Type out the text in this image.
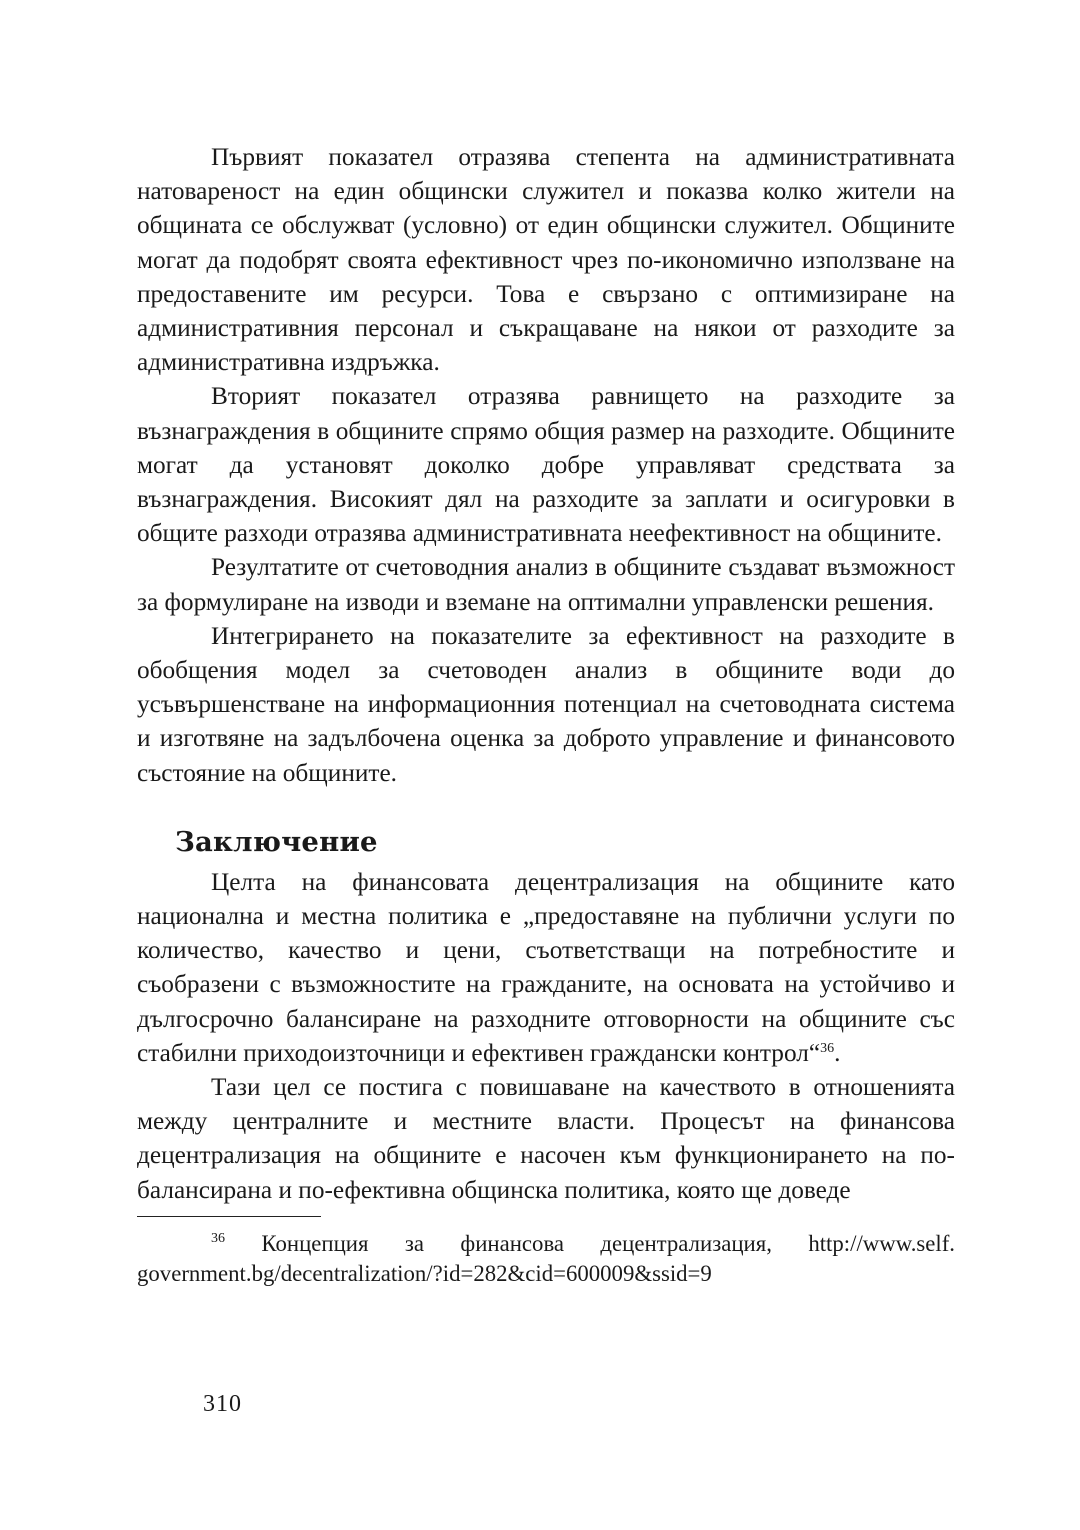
Първият показател отразява степента на административната натовареност на един общински служител и показва колко жители на общината се обслужват (условно) от един общински служител. Общините могат да подобрят своята ефективност чрез по-икономично използване на предоставените им ресурси. Това е свързано с оптимизиране на административния персонал и съкращаване на някои от разходите за административна издръжка.

Вторият показател отразява равнището на разходите за възнаграждения в общините спрямо общия размер на разходите. Общините могат да установят доколко добре управляват средствата за възнаграждения. Високият дял на разходите за заплати и осигуровки в общите разходи отразява административната неефективност на общините.

Резултатите от счетоводния анализ в общините създават възможност за формулиране на изводи и вземане на оптимални управленски решения.

Интегрирането на показателите за ефективност на разходите в обобщения модел за счетоводен анализ в общините води до усъвършенстване на информационния потенциал на счетоводната система и изготвяне на задълбочена оценка за доброто управление и финансовото състояние на общините.

Заключение

Целта на финансовата децентрализация на общините като национална и местна политика е „предоставяне на публични услуги по количество, качество и цени, съответстващи на потребностите и съобразени с възможностите на гражданите, на основата на устойчиво и дългосрочно балансиране на разходните отговорности на общините със стабилни приходоизточници и ефективен граждански контрол“$^{36}$.

Тази цел се постига с повишаване на качеството в отношенията между централните и местните власти. Процесът на финансова децентрализация на общините е насочен към функционирането на по-балансирана и по-ефективна общинска политика, която ще доведе

$^{36}$ Концепция за финансова децентрализация, http://www.self. government.bg/decentralization/?id=282&cid=600009&ssid=9

310
